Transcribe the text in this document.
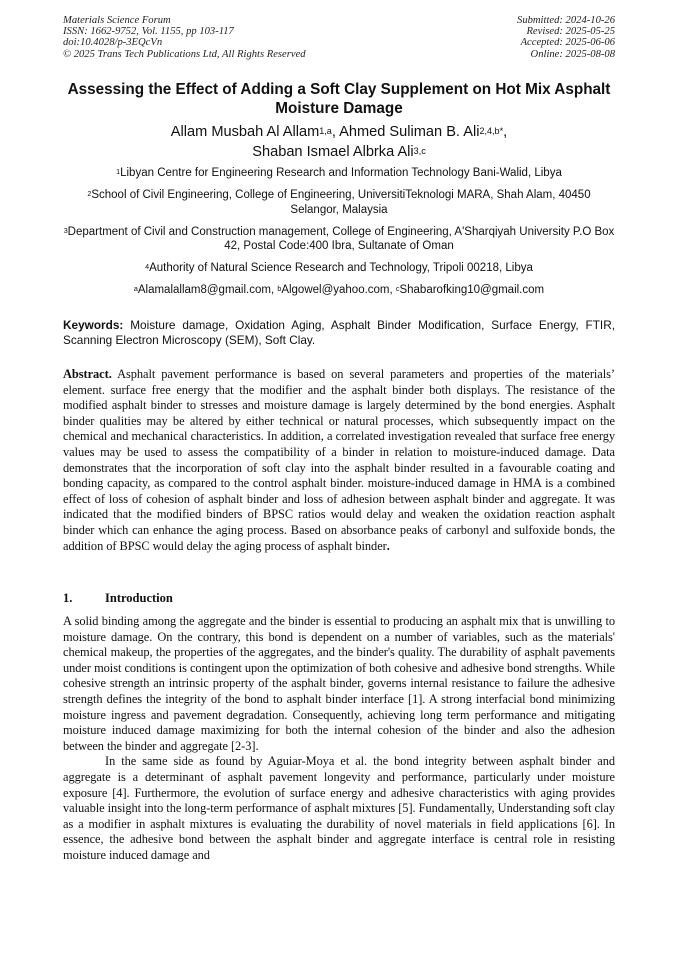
Materials Science Forum
ISSN: 1662-9752, Vol. 1155, pp 103-117
doi:10.4028/p-3EQcVn
© 2025 Trans Tech Publications Ltd, All Rights Reserved
Submitted: 2024-10-26
Revised: 2025-05-25
Accepted: 2025-06-06
Online: 2025-08-08
Assessing the Effect of Adding a Soft Clay Supplement on Hot Mix Asphalt Moisture Damage
Allam Musbah Al Allam$^{1,a}$, Ahmed Suliman B. Ali$^{2,4,b*}$,
Shaban Ismael Albrka Ali$^{3,c}$

$^1$Libyan Centre for Engineering Research and Information Technology Bani-Walid, Libya

$^2$School of Civil Engineering, College of Engineering, UniversitiTeknologi MARA, Shah Alam, 40450 Selangor, Malaysia

$^3$Department of Civil and Construction management, College of Engineering, A'Sharqiyah University P.O Box 42, Postal Code:400 Ibra, Sultanate of Oman

$^4$Authority of Natural Science Research and Technology, Tripoli 00218, Libya

$^a$Alamalallam8@gmail.com, $^b$Algowel@yahoo.com, $^c$Shabarofking10@gmail.com

Keywords: Moisture damage, Oxidation Aging, Asphalt Binder Modification, Surface Energy, FTIR, Scanning Electron Microscopy (SEM), Soft Clay.
Abstract. Asphalt pavement performance is based on several parameters and properties of the materials’ element. surface free energy that the modifier and the asphalt binder both displays. The resistance of the modified asphalt binder to stresses and moisture damage is largely determined by the bond energies. Asphalt binder qualities may be altered by either technical or natural processes, which subsequently impact on the chemical and mechanical characteristics. In addition, a correlated investigation revealed that surface free energy values may be used to assess the compatibility of a binder in relation to moisture-induced damage. Data demonstrates that the incorporation of soft clay into the asphalt binder resulted in a favourable coating and bonding capacity, as compared to the control asphalt binder. moisture-induced damage in HMA is a combined effect of loss of cohesion of asphalt binder and loss of adhesion between asphalt binder and aggregate. It was indicated that the modified binders of BPSC ratios would delay and weaken the oxidation reaction asphalt binder which can enhance the aging process. Based on absorbance peaks of carbonyl and sulfoxide bonds, the addition of BPSC would delay the aging process of asphalt binder.
1.	Introduction

A solid binding among the aggregate and the binder is essential to producing an asphalt mix that is unwilling to moisture damage. On the contrary, this bond is dependent on a number of variables, such as the materials' chemical makeup, the properties of the aggregates, and the binder's quality. The durability of asphalt pavements under moist conditions is contingent upon the optimization of both cohesive and adhesive bond strengths. While cohesive strength an intrinsic property of the asphalt binder, governs internal resistance to failure the adhesive strength defines the integrity of the bond to asphalt binder interface [1]. A strong interfacial bond minimizing moisture ingress and pavement degradation. Consequently, achieving long term performance and mitigating moisture induced damage maximizing for both the internal cohesion of the binder and also the adhesion between the binder and aggregate [2-3].

In the same side as found by Aguiar-Moya et al. the bond integrity between asphalt binder and aggregate is a determinant of asphalt pavement longevity and performance, particularly under moisture exposure [4]. Furthermore, the evolution of surface energy and adhesive characteristics with aging provides valuable insight into the long-term performance of asphalt mixtures [5]. Fundamentally, Understanding soft clay as a modifier in asphalt mixtures is evaluating the durability of novel materials in field applications [6]. In essence, the adhesive bond between the asphalt binder and aggregate interface is central role in resisting moisture induced damage and
